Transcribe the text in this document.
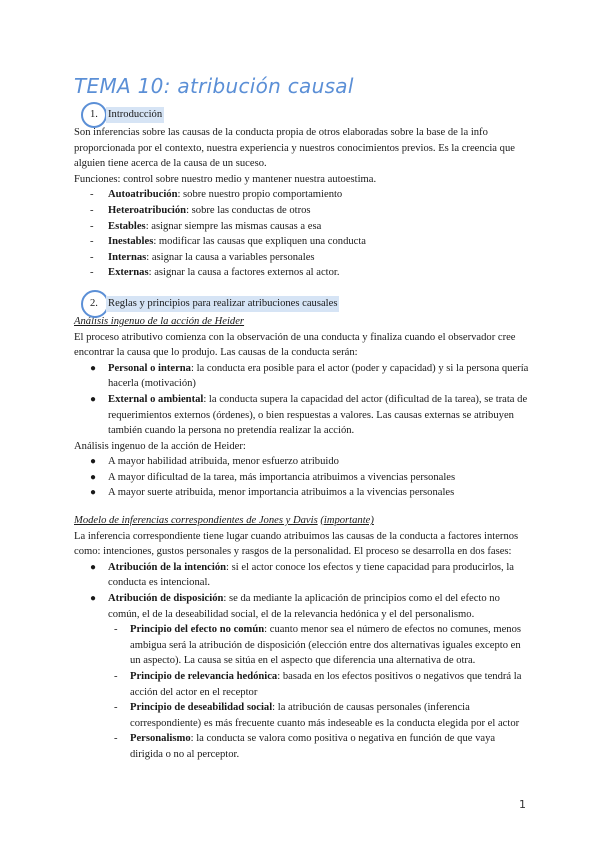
TEMA 10: atribución causal
1. Introducción

Son inferencias sobre las causas de la conducta propia de otros elaboradas sobre la base de la info proporcionada por el contexto, nuestra experiencia y nuestros conocimientos previos. Es la creencia que alguien tiene acerca de la causa de un suceso.

Funciones: control sobre nuestro medio y mantener nuestra autoestima.

- Autoatribución: sobre nuestro propio comportamiento
- Heteroatribución: sobre las conductas de otros
- Estables: asignar siempre las mismas causas a esa
- Inestables: modificar las causas que expliquen una conducta
- Internas: asignar la causa a variables personales
- Externas: asignar la causa a factores externos al actor.
2. Reglas y principios para realizar atribuciones causales

Análisis ingenuo de la acción de Heider

El proceso atributivo comienza con la observación de una conducta y finaliza cuando el observador cree encontrar la causa que lo produjo. Las causas de la conducta serán:

● Personal o interna: la conducta era posible para el actor (poder y capacidad) y si la persona quería hacerla (motivación)
● External o ambiental: la conducta supera la capacidad del actor (dificultad de la tarea), se trata de requerimientos externos (órdenes), o bien respuestas a valores. Las causas externas se atribuyen también cuando la persona no pretendía realizar la acción.

Análisis ingenuo de la acción de Heider:

● A mayor habilidad atribuida, menor esfuerzo atribuido
● A mayor dificultad de la tarea, más importancia atribuimos a vivencias personales
● A mayor suerte atribuida, menor importancia atribuimos a la vivencias personales

Modelo de inferencias correspondientes de Jones y Davis (importante)

La inferencia correspondiente tiene lugar cuando atribuimos las causas de la conducta a factores internos como: intenciones, gustos personales y rasgos de la personalidad. El proceso se desarrolla en dos fases:

● Atribución de la intención: si el actor conoce los efectos y tiene capacidad para producirlos, la conducta es intencional.
● Atribución de disposición: se da mediante la aplicación de principios como el del efecto no común, el de la deseabilidad social, el de la relevancia hedónica y el del personalismo.
- Principio del efecto no común: cuanto menor sea el número de efectos no comunes, menos ambigua será la atribución de disposición (elección entre dos alternativas iguales excepto en un aspecto). La causa se sitúa en el aspecto que diferencia una alternativa de otra.
- Principio de relevancia hedónica: basada en los efectos positivos o negativos que tendrá la acción del actor en el receptor
- Principio de deseabilidad social: la atribución de causas personales (inferencia correspondiente) es más frecuente cuanto más indeseable es la conducta elegida por el actor
- Personalismo: la conducta se valora como positiva o negativa en función de que vaya dirigida o no al perceptor.
1
